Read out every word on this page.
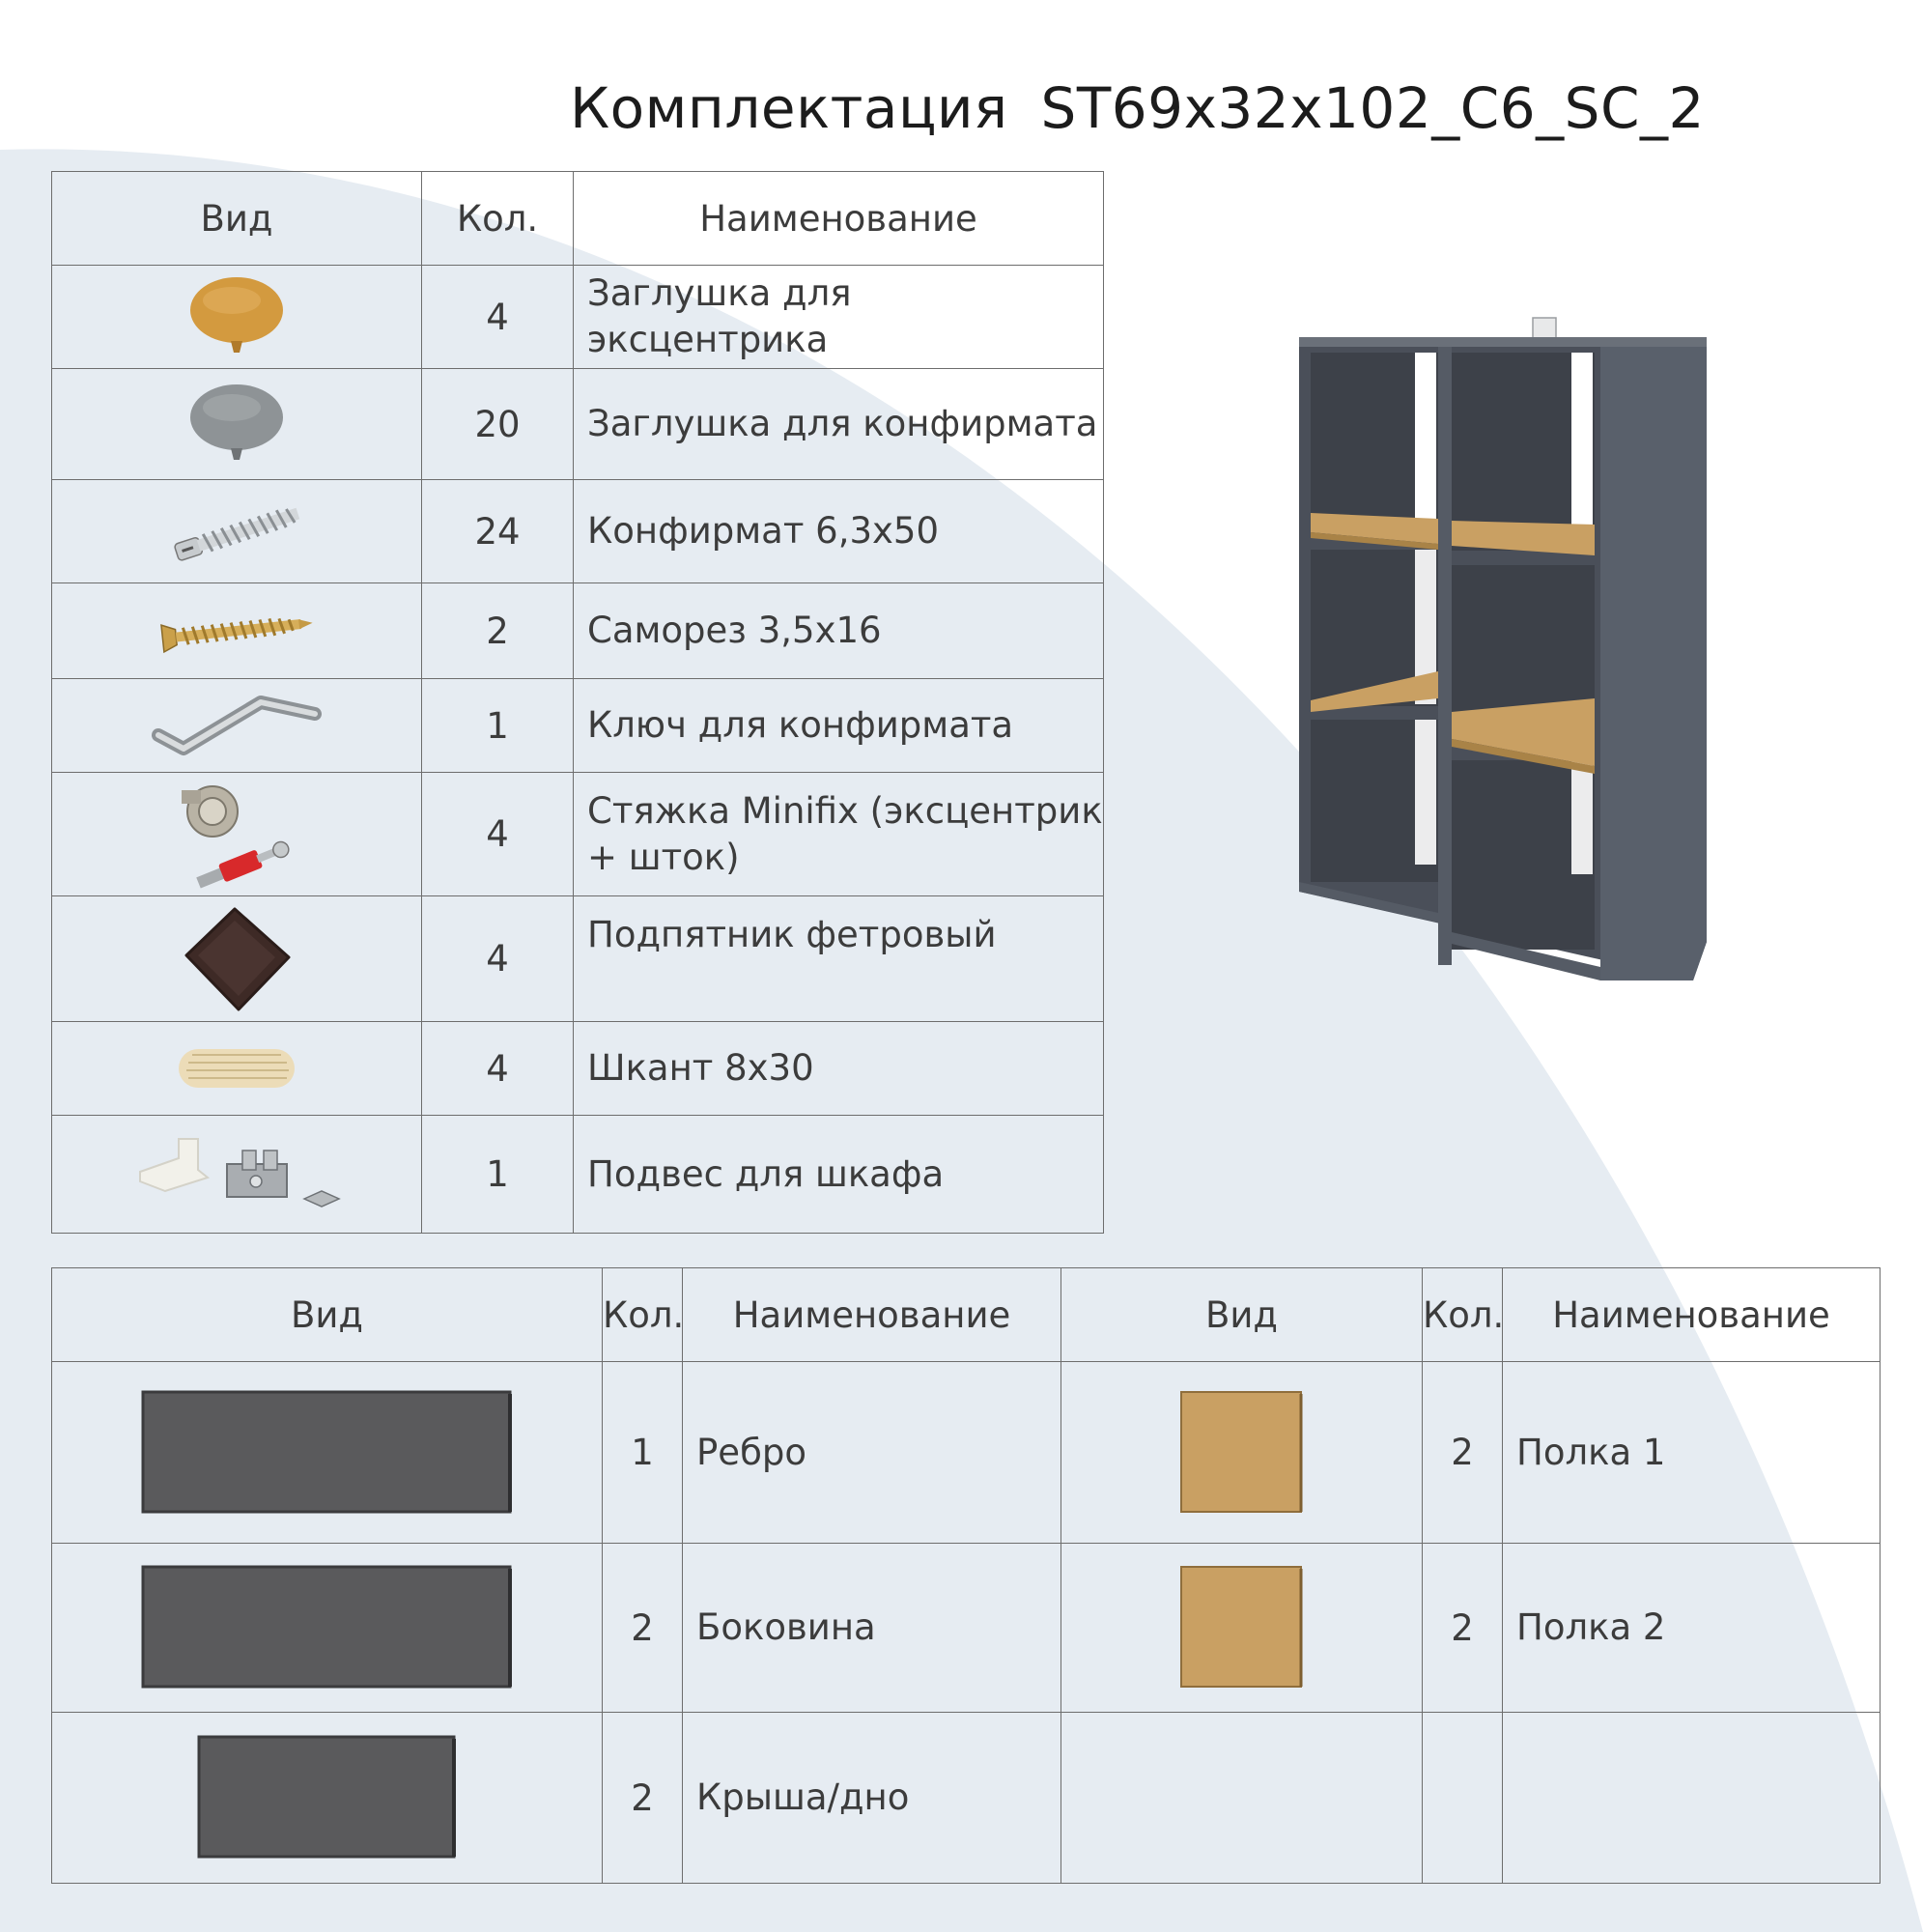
Комплектация ST69x32x102_C6_SC_2
Вид	Кол.	Наименование

	4	Заглушка для эксцентрика

	20	Заглушка для конфирмата

	24	Конфирмат 6,3x50

	2	Саморез 3,5x16

	1	Ключ для конфирмата

	4	Стяжка Minifix (эксцентрик + шток)

	4	Подпятник фетровый

	4	Шкант 8x30

	1	Подвес для шкафа
Вид	Кол.	Наименование	Вид	Кол.	Наименование

	1	Ребро		2	Полка 1

	2	Боковина		2	Полка 2

	2	Крыша/дно			
